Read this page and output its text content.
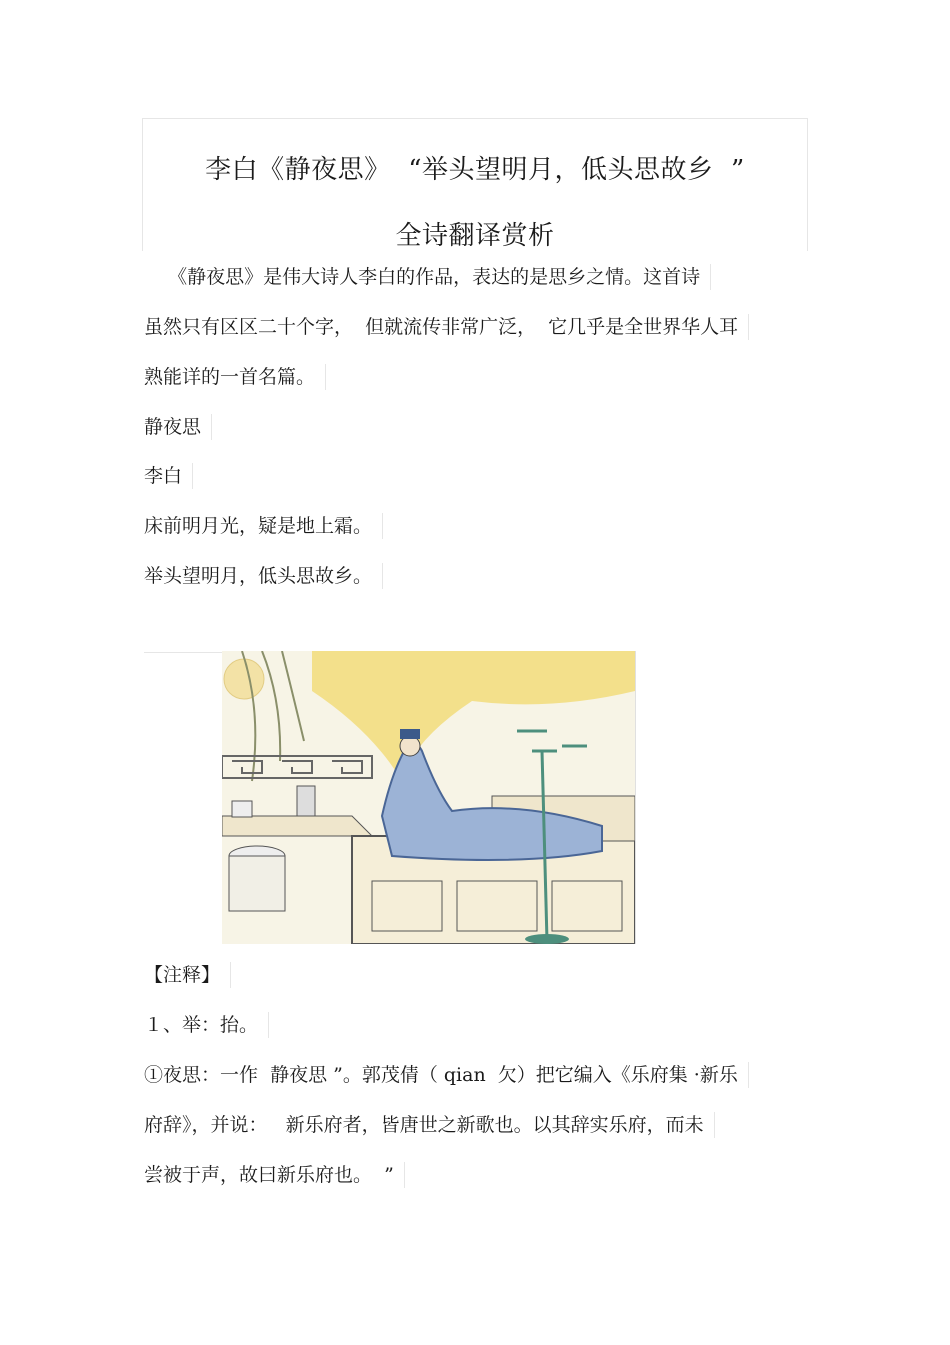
李白《静夜思》  “举头望明月，低头思故乡  ”
全诗翻译赏析
《静夜思》是伟大诗人李白的作品，表达的是思乡之情。这首诗
虽然只有区区二十个字，  但就流传非常广泛，  它几乎是全世界华人耳
熟能详的一首名篇。
静夜思
李白
床前明月光，疑是地上霜。
举头望明月，低头思故乡。
【注释】
１、举：抬。
①夜思：一作  静夜思 ”。郭茂倩（ qian  欠）把它编入《乐府集 ·新乐
府辞》，并说：   新乐府者，皆唐世之新歌也。以其辞实乐府，而未
尝被于声，故曰新乐府也。  ”
